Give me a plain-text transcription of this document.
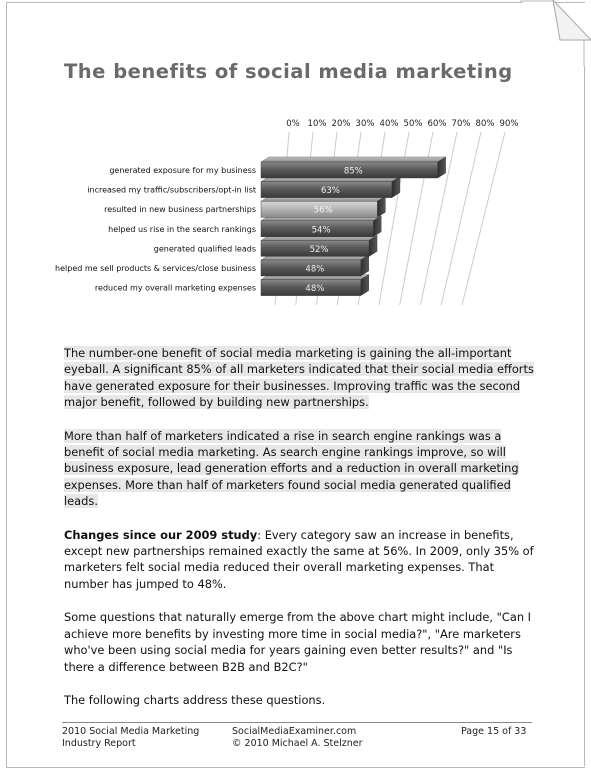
The benefits of social media marketing
0% 10% 20% 30% 40% 50% 60% 70% 80% 90%
48%
reduced my overall marketing expenses
48%
helped me sell products & services/close business
52%
generated qualified leads
54%
helped us rise in the search rankings
56%
resulted in new business partnerships
63%
increased my traffic/subscribers/opt-in list
85%
generated exposure for my business

The number-one benefit of social media marketing is gaining the all-important eyeball. A significant 85% of all marketers indicated that their social media efforts have generated exposure for their businesses. Improving traffic was the second major benefit, followed by building new partnerships.

More than half of marketers indicated a rise in search engine rankings was a benefit of social media marketing. As search engine rankings improve, so will business exposure, lead generation efforts and a reduction in overall marketing expenses. More than half of marketers found social media generated qualified leads.

Changes since our 2009 study: Every category saw an increase in benefits, except new partnerships remained exactly the same at 56%. In 2009, only 35% of marketers felt social media reduced their overall marketing expenses. That number has jumped to 48%.

Some questions that naturally emerge from the above chart might include, "Can I achieve more benefits by investing more time in social media?", "Are marketers who've been using social media for years gaining even better results?" and "Is there a difference between B2B and B2C?"

The following charts address these questions.

2010 Social Media Marketing
Industry Report
SocialMediaExaminer.com
© 2010 Michael A. Stelzner
Page 15 of 33
